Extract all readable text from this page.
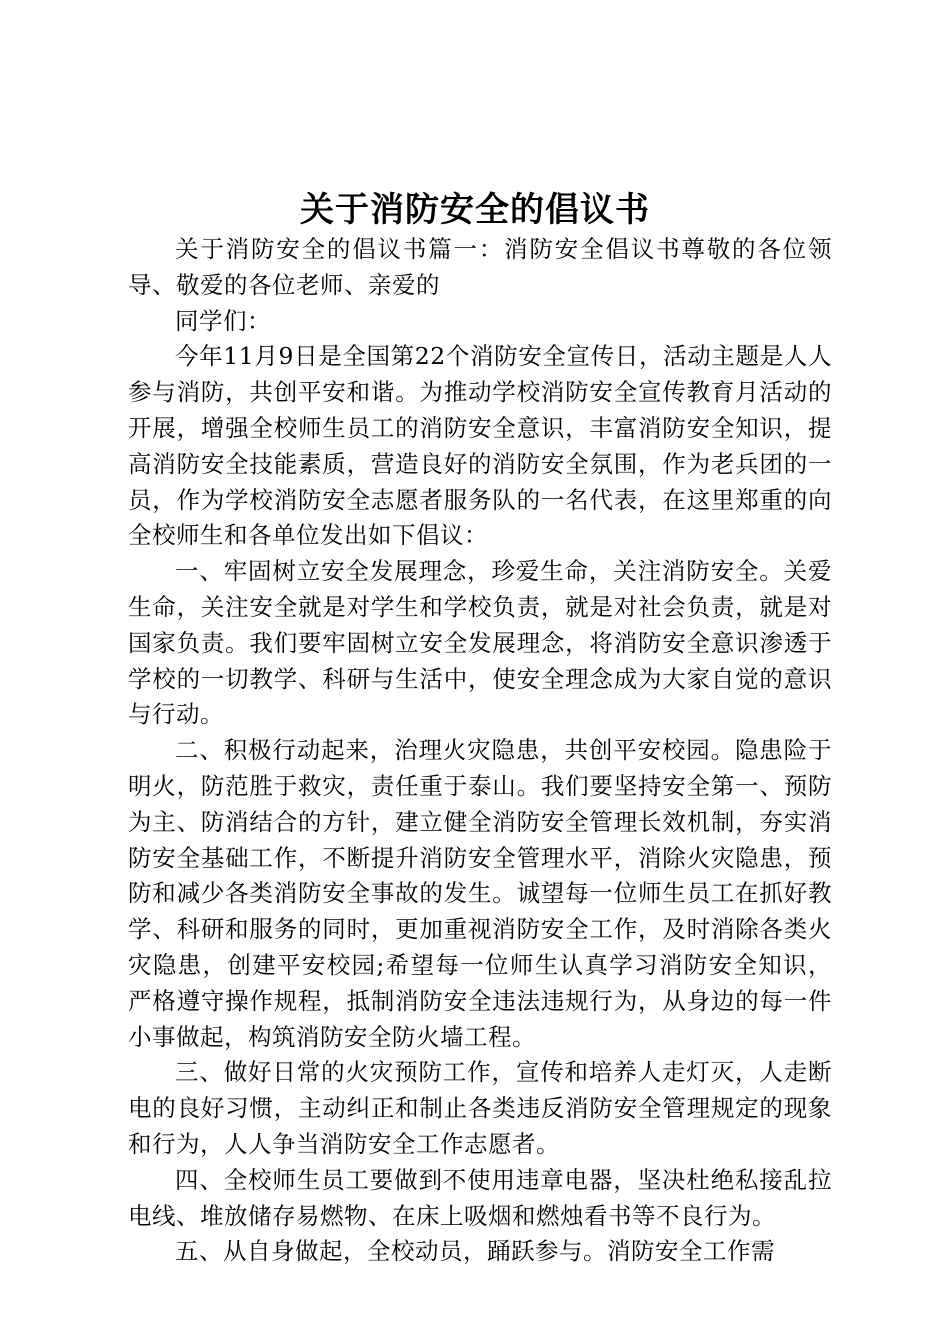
关于消防安全的倡议书

关于消防安全的倡议书篇一：消防安全倡议书尊敬的各位领导、敬爱的各位老师、亲爱的

同学们：

今年11月9日是全国第22个消防安全宣传日，活动主题是人人参与消防，共创平安和谐。为推动学校消防安全宣传教育月活动的开展，增强全校师生员工的消防安全意识，丰富消防安全知识，提高消防安全技能素质，营造良好的消防安全氛围，作为老兵团的一员，作为学校消防安全志愿者服务队的一名代表，在这里郑重的向全校师生和各单位发出如下倡议：

一、牢固树立安全发展理念，珍爱生命，关注消防安全。关爱生命，关注安全就是对学生和学校负责，就是对社会负责，就是对国家负责。我们要牢固树立安全发展理念，将消防安全意识渗透于学校的一切教学、科研与生活中，使安全理念成为大家自觉的意识与行动。

二、积极行动起来，治理火灾隐患，共创平安校园。隐患险于明火，防范胜于救灾，责任重于泰山。我们要坚持安全第一、预防为主、防消结合的方针，建立健全消防安全管理长效机制，夯实消防安全基础工作，不断提升消防安全管理水平，消除火灾隐患，预防和减少各类消防安全事故的发生。诚望每一位师生员工在抓好教学、科研和服务的同时，更加重视消防安全工作，及时消除各类火灾隐患，创建平安校园;希望每一位师生认真学习消防安全知识，严格遵守操作规程，抵制消防安全违法违规行为，从身边的每一件小事做起，构筑消防安全防火墙工程。

三、做好日常的火灾预防工作，宣传和培养人走灯灭，人走断电的良好习惯，主动纠正和制止各类违反消防安全管理规定的现象和行为，人人争当消防安全工作志愿者。

四、全校师生员工要做到不使用违章电器，坚决杜绝私接乱拉电线、堆放储存易燃物、在床上吸烟和燃烛看书等不良行为。

五、从自身做起，全校动员，踊跃参与。消防安全工作需
